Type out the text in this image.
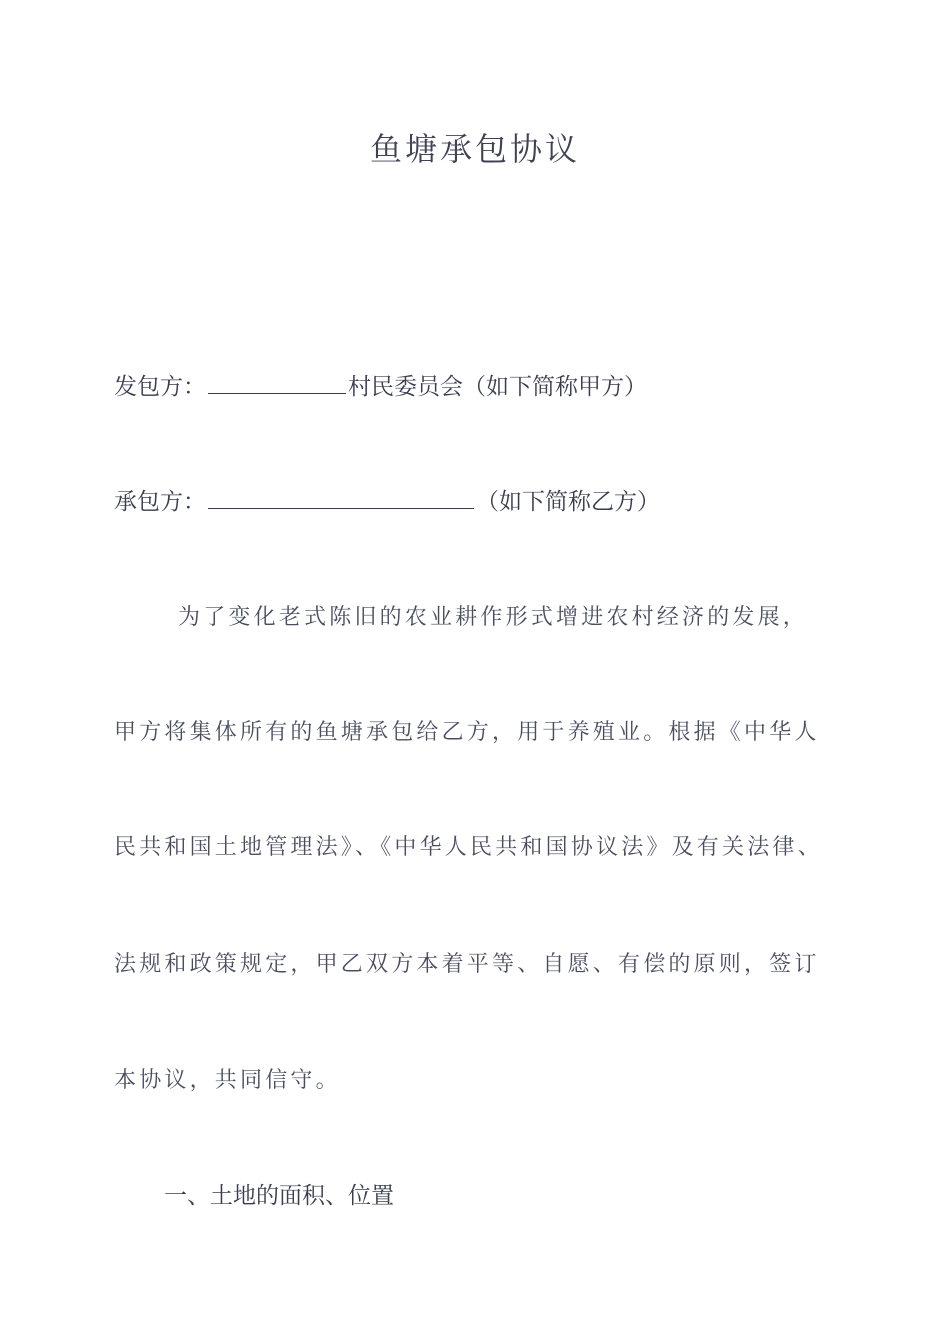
鱼塘承包协议
发包方：	村民委员会（如下简称甲方）
承包方：	（如下简称乙方）
为了变化老式陈旧的农业耕作形式增进农村经济的发展，
甲方将集体所有的鱼塘承包给乙方，用于养殖业。根据《中华人
民共和国土地管理法》、《中华人民共和国协议法》及有关法律、
法规和政策规定，甲乙双方本着平等、自愿、有偿的原则，签订
本协议，共同信守。
一、土地的面积、位置
